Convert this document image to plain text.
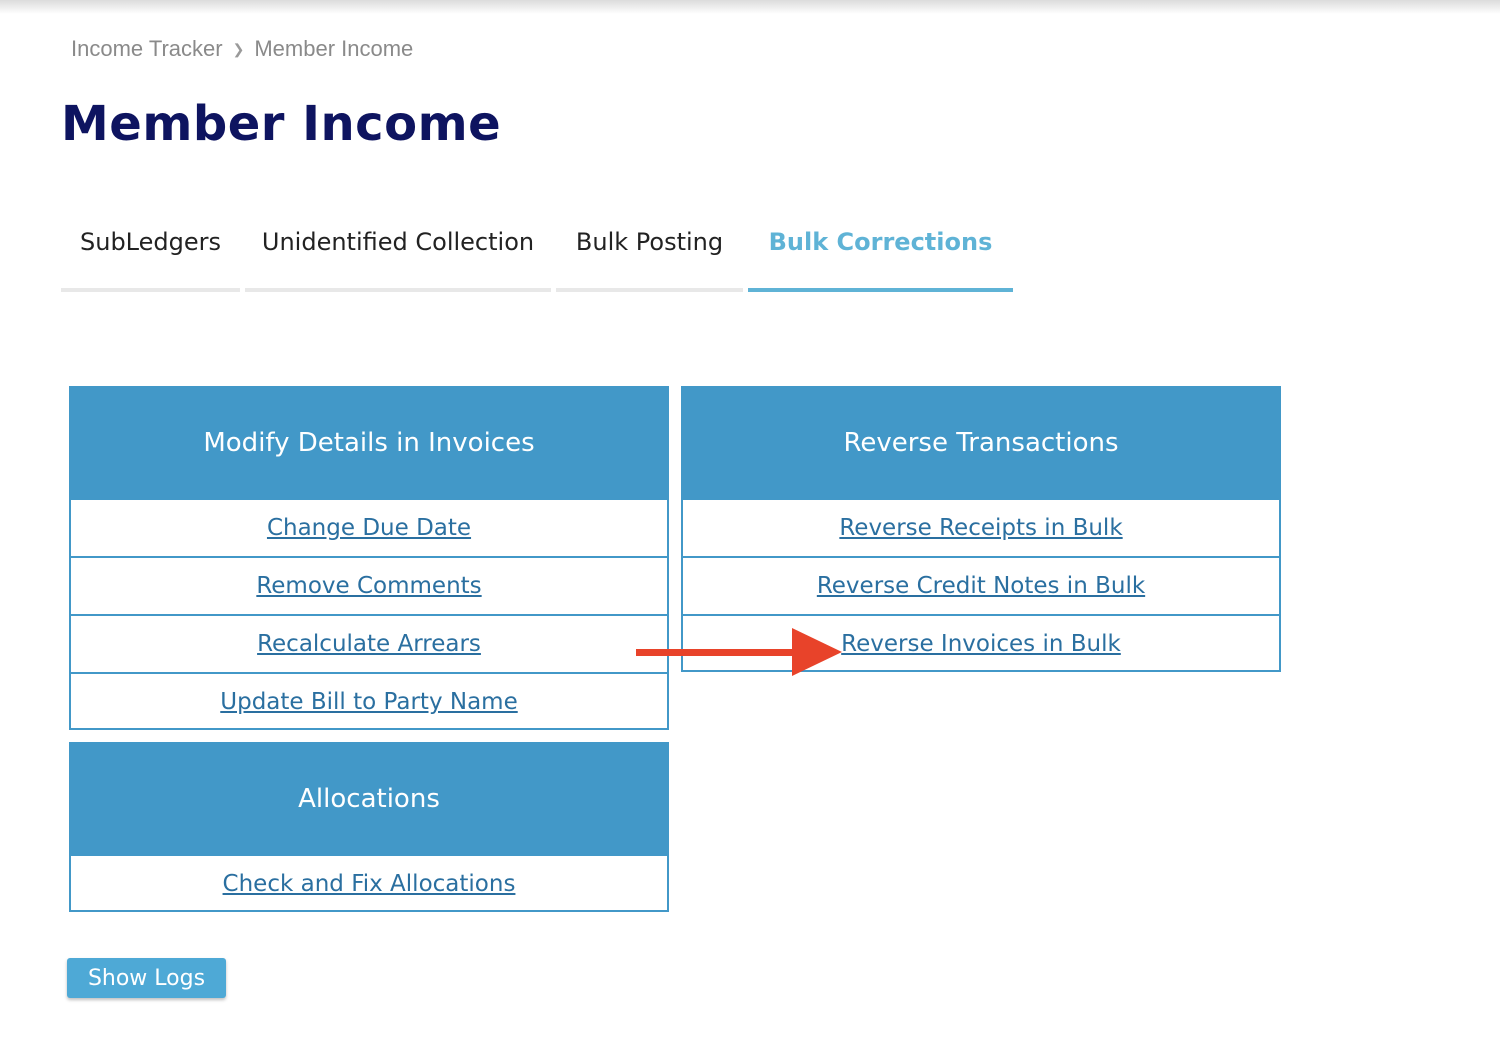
Income Tracker ❯ Member Income
Member Income
SubLedgers	Unidentified Collection	Bulk Posting	Bulk Corrections
Modify Details in Invoices
Change Due Date
Remove Comments
Recalculate Arrears
Update Bill to Party Name
Reverse Transactions
Reverse Receipts in Bulk
Reverse Credit Notes in Bulk
Reverse Invoices in Bulk
Allocations
Check and Fix Allocations
Show Logs
